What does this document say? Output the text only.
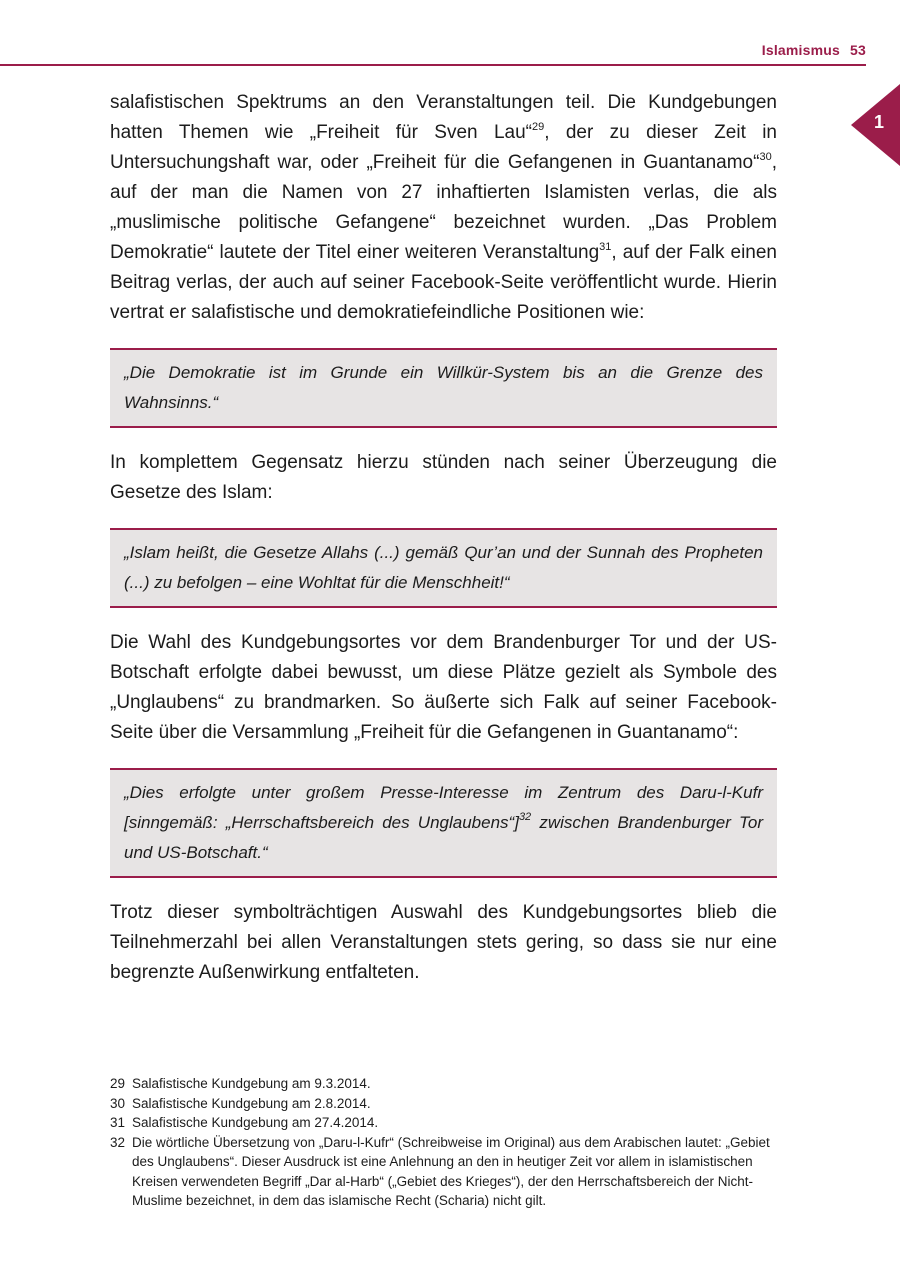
Islamismus 53
1

salafistischen Spektrums an den Veranstaltungen teil. Die Kundgebungen hatten Themen wie „Freiheit für Sven Lau“$^{29}$, der zu dieser Zeit in Untersuchungshaft war, oder „Freiheit für die Gefangenen in Guantanamo“$^{30}$, auf der man die Namen von 27 inhaftierten Islamisten verlas, die als „muslimische politische Gefangene“ bezeichnet wurden. „Das Problem Demokratie“ lautete der Titel einer weiteren Veranstaltung$^{31}$, auf der Falk einen Beitrag verlas, der auch auf seiner Facebook-Seite veröffentlicht wurde. Hierin vertrat er salafistische und demokratiefeindliche Positionen wie:

„Die Demokratie ist im Grunde ein Willkür-System bis an die Grenze des Wahnsinns.“

In komplettem Gegensatz hierzu stünden nach seiner Überzeugung die Gesetze des Islam:

„Islam heißt, die Gesetze Allahs (...) gemäß Qur’an und der Sunnah des Propheten (...) zu befolgen – eine Wohltat für die Menschheit!“

Die Wahl des Kundgebungsortes vor dem Brandenburger Tor und der US-Botschaft erfolgte dabei bewusst, um diese Plätze gezielt als Symbole des „Unglaubens“ zu brandmarken. So äußerte sich Falk auf seiner Facebook-Seite über die Versammlung „Freiheit für die Gefangenen in Guantanamo“:

„Dies erfolgte unter großem Presse-Interesse im Zentrum des Daru-l-Kufr [sinngemäß: „Herrschaftsbereich des Unglaubens“]$^{32}$ zwischen Brandenburger Tor und US-Botschaft.“

Trotz dieser symbolträchtigen Auswahl des Kundgebungsortes blieb die Teilnehmerzahl bei allen Veranstaltungen stets gering, so dass sie nur eine begrenzte Außenwirkung entfalteten.

29 Salafistische Kundgebung am 9.3.2014.
30 Salafistische Kundgebung am 2.8.2014.
31 Salafistische Kundgebung am 27.4.2014.
32 Die wörtliche Übersetzung von „Daru-l-Kufr“ (Schreibweise im Original) aus dem Arabischen lautet: „Gebiet des Unglaubens“. Dieser Ausdruck ist eine Anlehnung an den in heutiger Zeit vor allem in islamistischen Kreisen verwendeten Begriff „Dar al-Harb“ („Gebiet des Krieges“), der den Herrschaftsbereich der Nicht-Muslime bezeichnet, in dem das islamische Recht (Scharia) nicht gilt.
